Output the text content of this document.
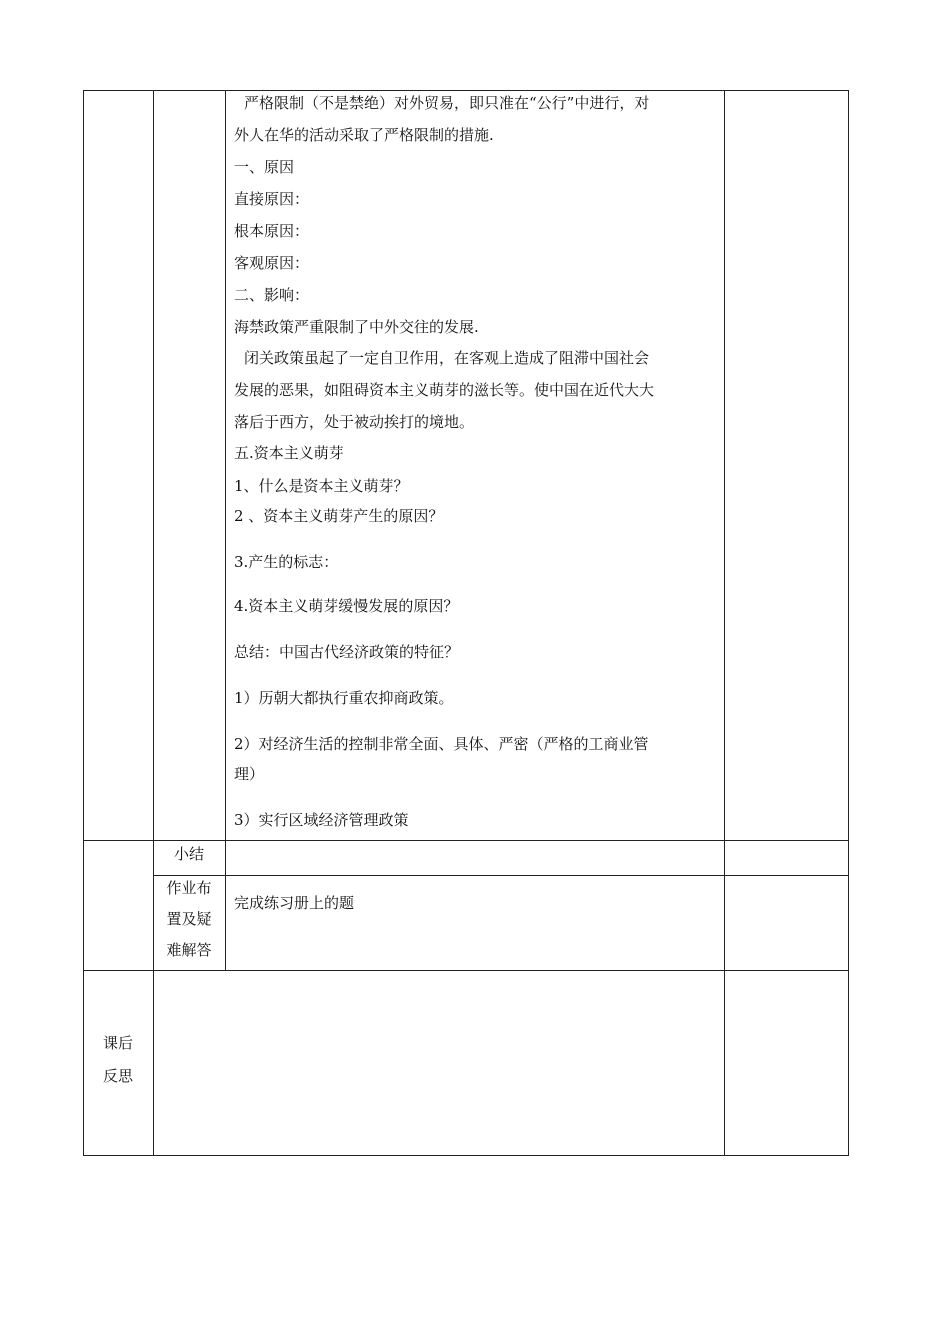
严格限制（不是禁绝）对外贸易，即只准在“公行”中进行，对
外人在华的活动采取了严格限制的措施.
一、原因
直接原因：
根本原因：
客观原因：
二、影响：
海禁政策严重限制了中外交往的发展.
闭关政策虽起了一定自卫作用，在客观上造成了阻滞中国社会
发展的恶果，如阻碍资本主义萌芽的滋长等。使中国在近代大大
落后于西方，处于被动挨打的境地。
五.资本主义萌芽
1、什么是资本主义萌芽？
2 、资本主义萌芽产生的原因？
3.产生的标志：
4.资本主义萌芽缓慢发展的原因？
总结：中国古代经济政策的特征？
1）历朝大都执行重农抑商政策。
2）对经济生活的控制非常全面、具体、严密（严格的工商业管
理）
3）实行区域经济管理政策
小结
作业布
置及疑
难解答
完成练习册上的题
课后
反思
